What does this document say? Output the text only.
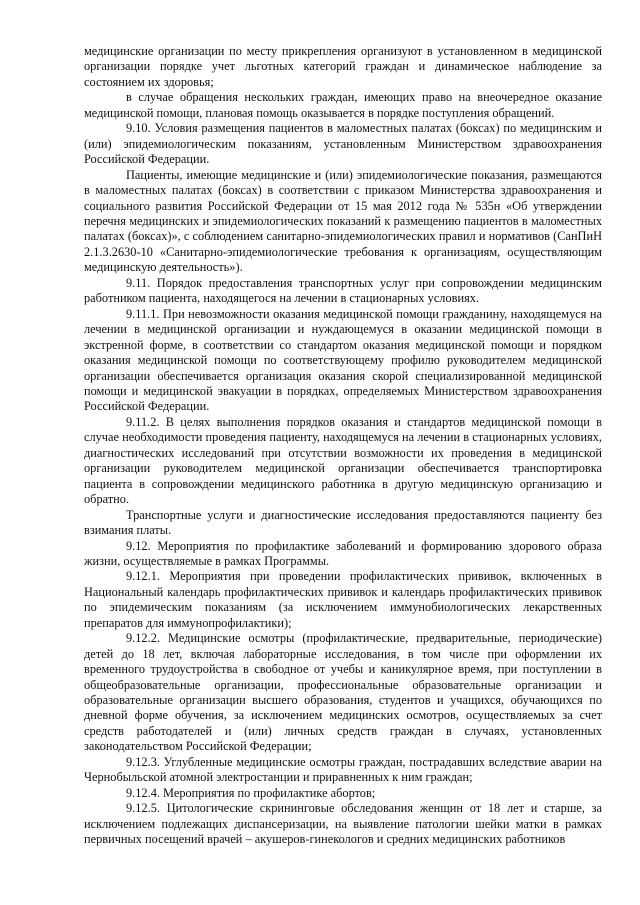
медицинские организации по месту прикрепления организуют в установленном в медицинской организации порядке учет льготных категорий граждан и динамическое наблюдение за состоянием их здоровья;

в случае обращения нескольких граждан, имеющих право на внеочередное оказание медицинской помощи, плановая помощь оказывается в порядке поступления обращений.

9.10. Условия размещения пациентов в маломестных палатах (боксах) по медицинским и (или) эпидемиологическим показаниям, установленным Министерством здравоохранения Российской Федерации.

Пациенты, имеющие медицинские и (или) эпидемиологические показания, размещаются в маломестных палатах (боксах) в соответствии с приказом Министерства здравоохранения и социального развития Российской Федерации от 15 мая 2012 года № 535н «Об утверждении перечня медицинских и эпидемиологических показаний к размещению пациентов в маломестных палатах (боксах)», с соблюдением санитарно-эпидемиологических правил и нормативов (СанПиН 2.1.3.2630-10 «Санитарно-эпидемиологические требования к организациям, осуществляющим медицинскую деятельность»).

9.11. Порядок предоставления транспортных услуг при сопровождении медицинским работником пациента, находящегося на лечении в стационарных условиях.

9.11.1. При невозможности оказания медицинской помощи гражданину, находящемуся на лечении в медицинской организации и нуждающемуся в оказании медицинской помощи в экстренной форме, в соответствии со стандартом оказания медицинской помощи и порядком оказания медицинской помощи по соответствующему профилю руководителем медицинской организации обеспечивается организация оказания скорой специализированной медицинской помощи и медицинской эвакуации в порядках, определяемых Министерством здравоохранения Российской Федерации.

9.11.2. В целях выполнения порядков оказания и стандартов медицинской помощи в случае необходимости проведения пациенту, находящемуся на лечении в стационарных условиях, диагностических исследований при отсутствии возможности их проведения в медицинской организации руководителем медицинской организации обеспечивается транспортировка пациента в сопровождении медицинского работника в другую медицинскую организацию и обратно.

Транспортные услуги и диагностические исследования предоставляются пациенту без взимания платы.

9.12. Мероприятия по профилактике заболеваний и формированию здорового образа жизни, осуществляемые в рамках Программы.

9.12.1. Мероприятия при проведении профилактических прививок, включенных в Национальный календарь профилактических прививок и календарь профилактических прививок по эпидемическим показаниям (за исключением иммунобиологических лекарственных препаратов для иммунопрофилактики);

9.12.2. Медицинские осмотры (профилактические, предварительные, периодические) детей до 18 лет, включая лабораторные исследования, в том числе при оформлении их временного трудоустройства в свободное от учебы и каникулярное время, при поступлении в общеобразовательные организации, профессиональные образовательные организации и образовательные организации высшего образования, студентов и учащихся, обучающихся по дневной форме обучения, за исключением медицинских осмотров, осуществляемых за счет средств работодателей и (или) личных средств граждан в случаях, установленных законодательством Российской Федерации;

9.12.3. Углубленные медицинские осмотры граждан, пострадавших вследствие аварии на Чернобыльской атомной электростанции и приравненных к ним граждан;

9.12.4. Мероприятия по профилактике абортов;

9.12.5. Цитологические скрининговые обследования женщин от 18 лет и старше, за исключением подлежащих диспансеризации, на выявление патологии шейки матки в рамках первичных посещений врачей – акушеров-гинекологов и средних медицинских работников
